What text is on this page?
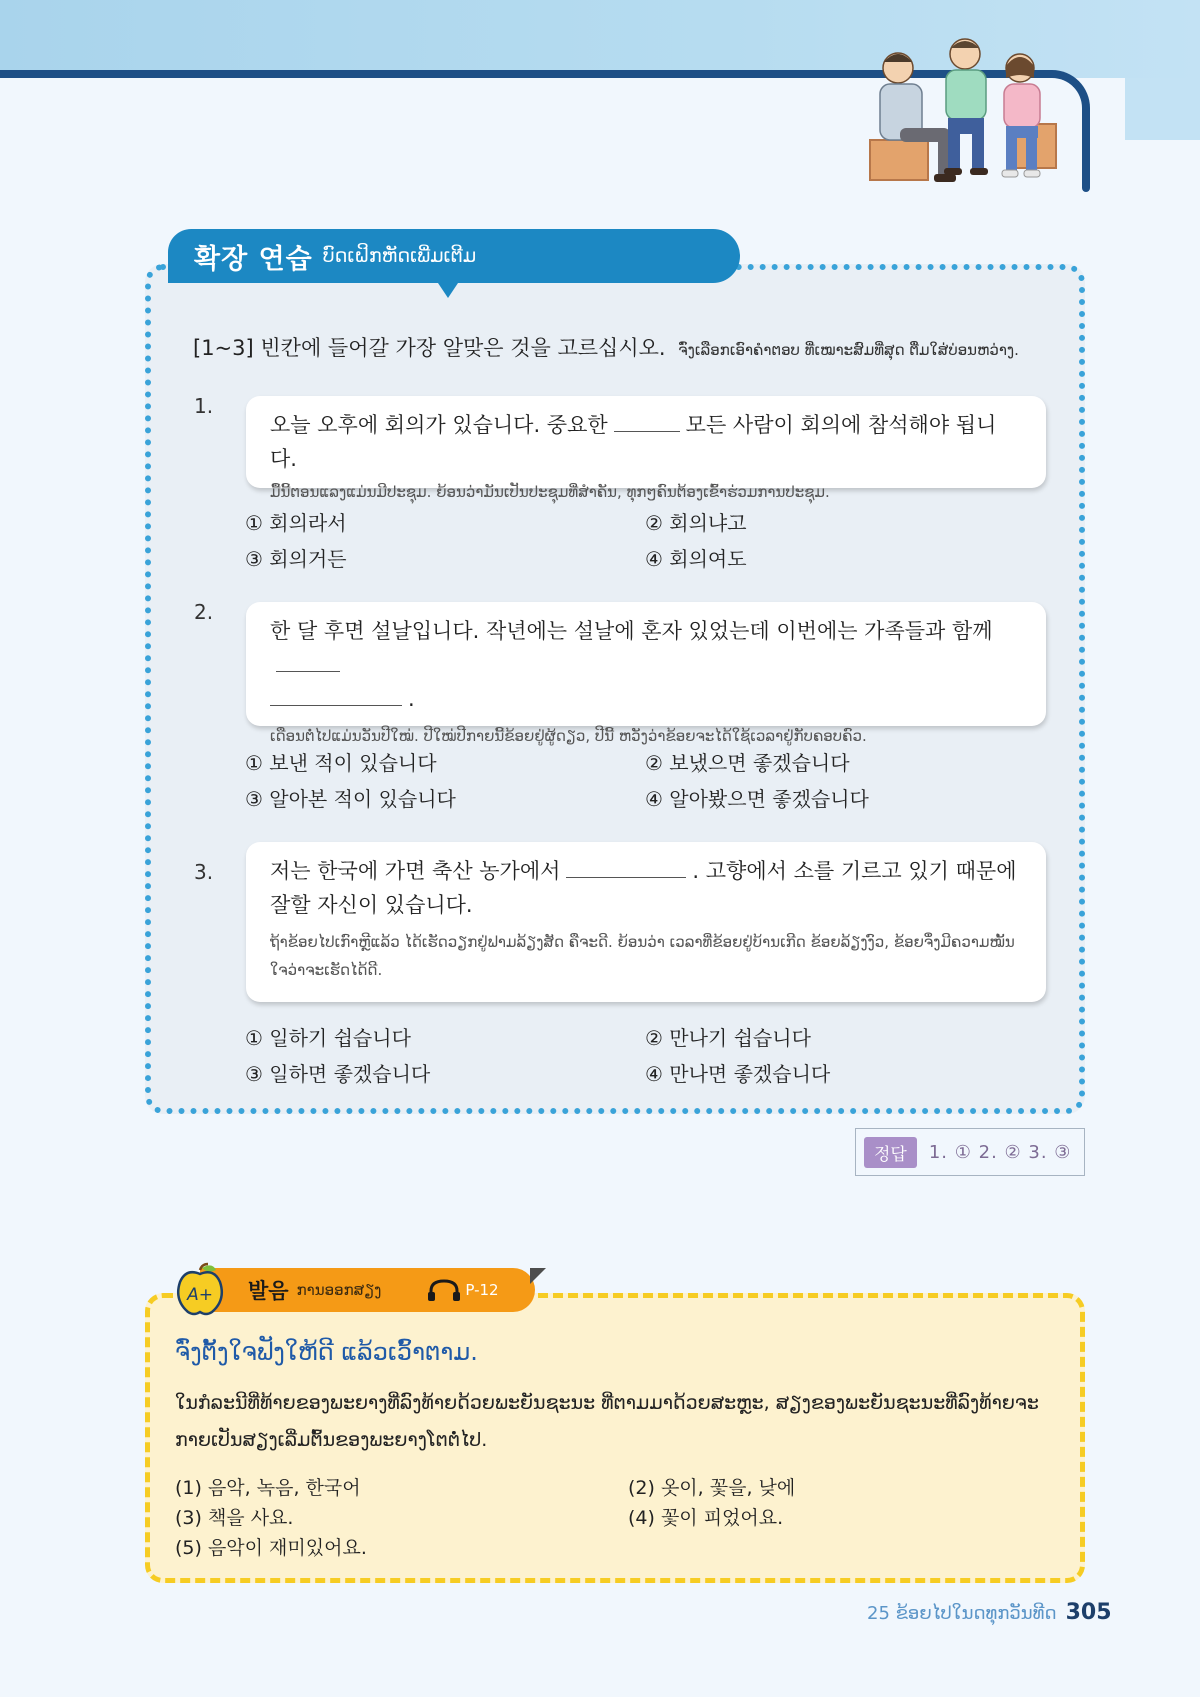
확장 연습 ບົດເຝິກຫັດເພີ່ມເຕີມ
[1~3] 빈칸에 들어갈 가장 알맞은 것을 고르십시오. ຈົ່ງເລືອກເອົາຄຳຕອບ ທີ່ເໝາະສົມທີ່ສຸດ ຕື່ມໃສ່ບ່ອນຫວ່າງ.
1.
오늘 오후에 회의가 있습니다. 중요한	모든 사람이 회의에 참석해야 됩니다.
ມື້ນີ້ຕອນແລງແມ່ນມີປະຊຸມ. ຍ້ອນວ່າມັນເປັນປະຊຸມທີ່ສຳຄັນ, ທຸກໆຄົນຕ້ອງເຂົ້າຮ່ວມການປະຊຸມ.
① 회의라서	② 회의냐고
③ 회의거든	④ 회의여도
2.
한 달 후면 설날입니다. 작년에는 설날에 혼자 있었는데 이번에는 가족들과 함께
.
ເດືອນຕໍ່ໄປແມ່ນວັນປີໃໝ່. ປີໃໝ່ປີກາຍນີ້ຂ້ອຍຢູ່ຜູ້ດຽວ, ປີນີ້ ຫວັງວ່າຂ້ອຍຈະໄດ້ໃຊ້ເວລາຢູ່ກັບຄອບຄົວ.
① 보낸 적이 있습니다	② 보냈으면 좋겠습니다
③ 알아본 적이 있습니다	④ 알아봤으면 좋겠습니다
3.	저는 한국에 가면 축산 농가에서	. 고향에서 소를 기르고 있기 때문에 잘할 자신이 있습니다.
ຖ້າຂ້ອຍໄປເກົາຫຼີແລ້ວ ໄດ້ເຮັດວຽກຢູ່ຟາມລ້ຽງສັດ ຄືຈະດີ. ຍ້ອນວ່າ ເວລາທີ່ຂ້ອຍຢູ່ບ້ານເກີດ ຂ້ອຍລ້ຽງງົວ, ຂ້ອຍຈຶ່ງມີຄວາມໝັ້ນໃຈວ່າຈະເຮັດໄດ້ດີ.
① 일하기 쉽습니다	② 만나기 쉽습니다
③ 일하면 좋겠습니다	④ 만나면 좋겠습니다
정답	1. ① 2. ② 3. ③
발음 ການອອກສຽງ	P-12
A+
ຈົ່ງຕັ້ງໃຈຟັງໃຫ້ດີ ແລ້ວເວົ້າຕາມ.
ໃນກໍລະນີທີ່ທ້າຍຂອງພະຍາງທີ່ລົງທ້າຍດ້ວຍພະຍັນຊະນະ ທີ່ຕາມມາດ້ວຍສະຫຼະ, ສຽງຂອງພະຍັນຊະນະທີ່ລົງທ້າຍຈະກາຍເປັນສຽງເລີ່ມຕົ້ນຂອງພະຍາງໂຕຕໍ່ໄປ.
(1) 음악, 녹음, 한국어	(2) 옷이, 꽃을, 낮에
(3) 책을 사요.	(4) 꽃이 피었어요.
(5) 음악이 재미있어요.
25 ຂ້ອຍໄປໃນດທຸກວັນທີດ 305
